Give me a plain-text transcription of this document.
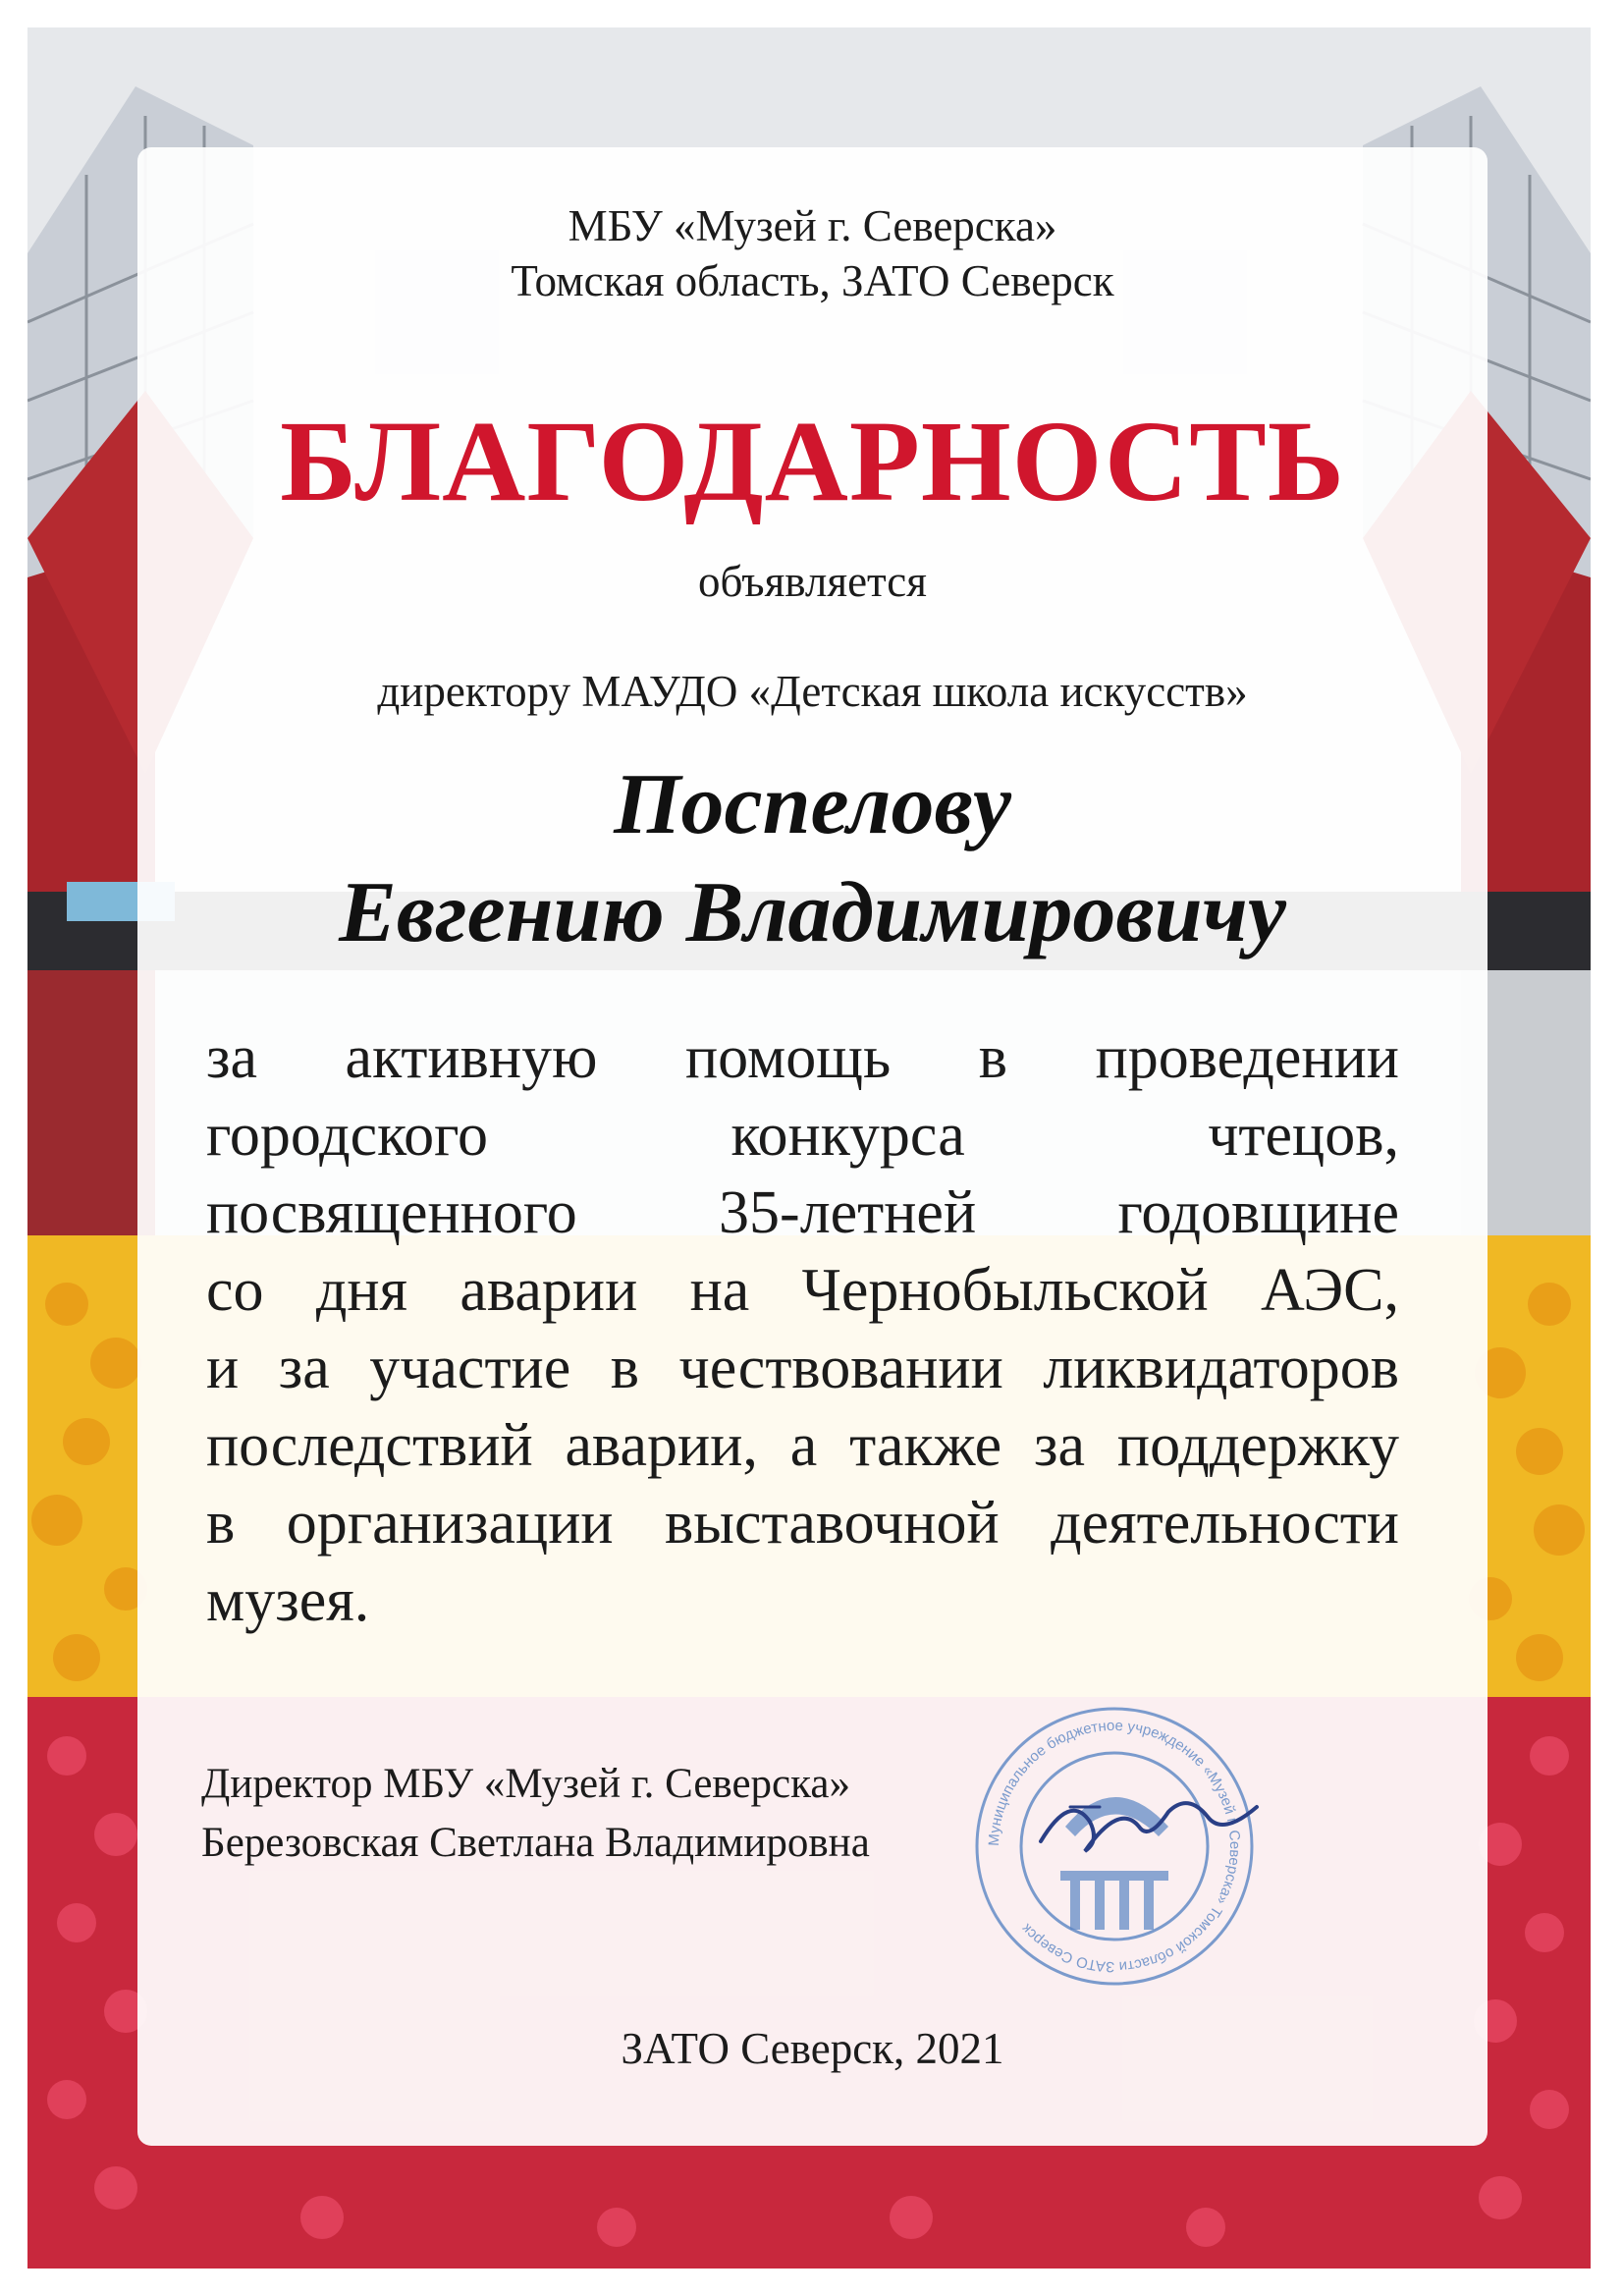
МБУ «Музей г. Северска»
Томская область, ЗАТО Северск
БЛАГОДАРНОСТЬ
объявляется
директору МАУДО «Детская школа искусств»
Поспелову
Евгению Владимировичу
за активную помощь в проведении
городского конкурса чтецов,
посвященного 35-летней годовщине
со дня аварии на Чернобыльской АЭС,
и за участие в чествовании ликвидаторов
последствий аварии, а также за поддержку
в организации выставочной деятельности
музея.
Директор МБУ «Музей г. Северска»
Березовская Светлана Владимировна	Муниципальное бюджетное учреждение «Музей г. Северска» Томской области ЗАТО Северск
ЗАТО Северск, 2021
